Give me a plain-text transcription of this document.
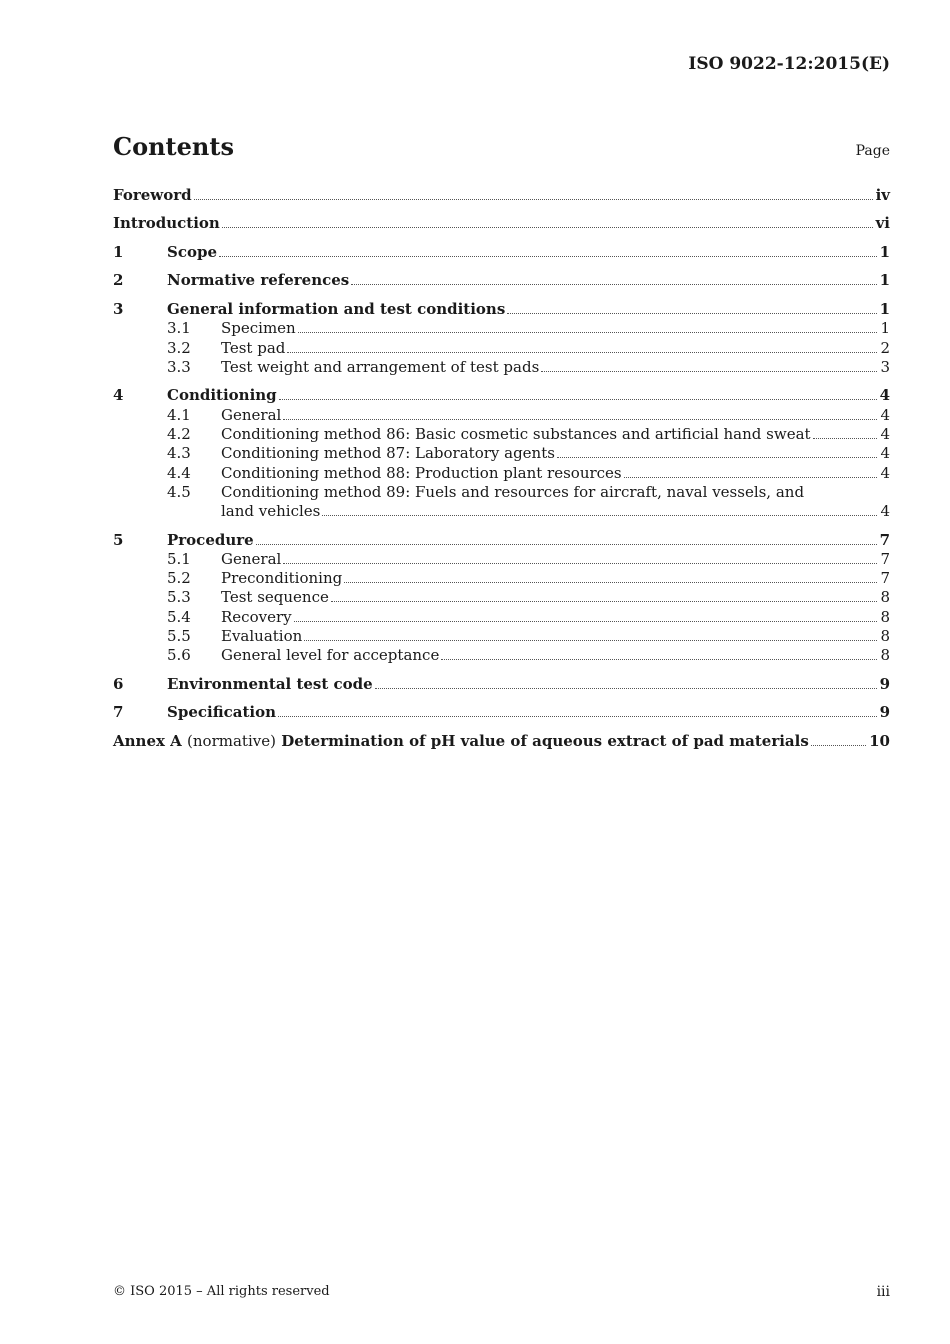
ISO 9022-12:2015(E)
Contents	Page
Foreword	iv
Introduction	vi
1	Scope	1
2	Normative references	1
3	General information and test conditions	1
3.1	Specimen	1
3.2	Test pad	2
3.3	Test weight and arrangement of test pads	3
4	Conditioning	4
4.1	General	4
4.2	Conditioning method 86: Basic cosmetic substances and artificial hand sweat	4
4.3	Conditioning method 87: Laboratory agents	4
4.4	Conditioning method 88: Production plant resources	4
4.5	Conditioning method 89: Fuels and resources for aircraft, naval vessels, and
land vehicles	4
5	Procedure	7
5.1	General	7
5.2	Preconditioning	7
5.3	Test sequence	8
5.4	Recovery	8
5.5	Evaluation	8
5.6	General level for acceptance	8
6	Environmental test code	9
7	Specification	9
Annex A (normative) Determination of pH value of aqueous extract of pad materials	10
© ISO 2015 – All rights reserved	iii
